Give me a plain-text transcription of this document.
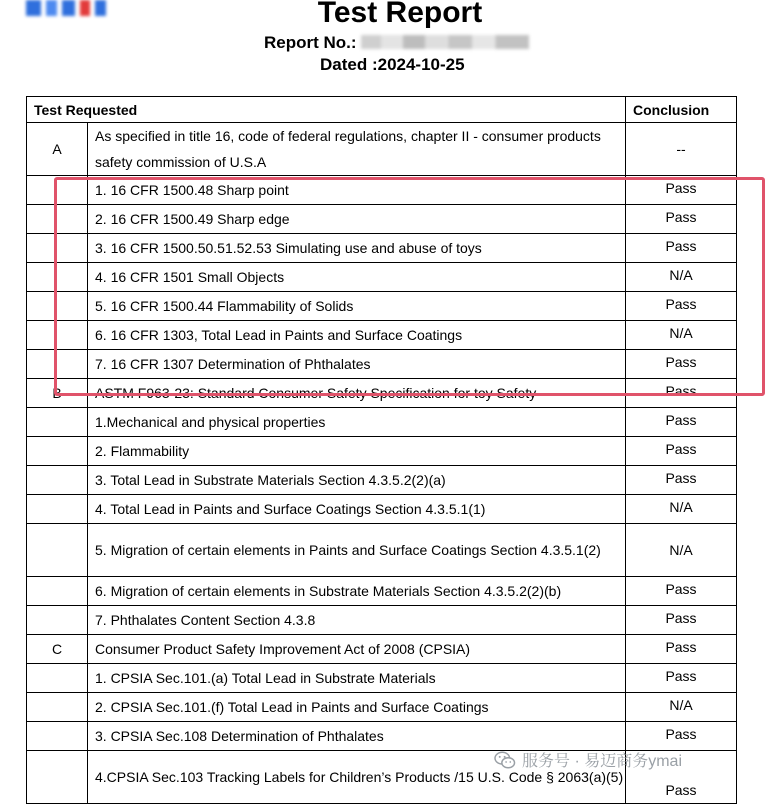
Test Report
Report No.:
Dated :2024-10-25
Test Requested		Conclusion
A	As specified in title 16, code of federal regulations, chapter II - consumer products safety commission of U.S.A	--
	1. 16 CFR 1500.48 Sharp point	Pass
	2. 16 CFR 1500.49 Sharp edge	Pass
	3. 16 CFR 1500.50.51.52.53 Simulating use and abuse of toys	Pass
	4. 16 CFR 1501 Small Objects	N/A
	5. 16 CFR 1500.44 Flammability of Solids	Pass
	6. 16 CFR 1303, Total Lead in Paints and Surface Coatings	N/A
	7. 16 CFR 1307 Determination of Phthalates	Pass
B	ASTM F963-23: Standard Consumer Safety Specification for toy Safety	Pass
	1.Mechanical and physical properties	Pass
	2. Flammability	Pass
	3. Total Lead in Substrate Materials Section 4.3.5.2(2)(a)	Pass
	4. Total Lead in Paints and Surface Coatings Section 4.3.5.1(1)	N/A
	5. Migration of certain elements in Paints and Surface Coatings Section 4.3.5.1(2)	N/A
	6. Migration of certain elements in Substrate Materials Section 4.3.5.2(2)(b)	Pass
	7. Phthalates Content Section 4.3.8	Pass
C	Consumer Product Safety Improvement Act of 2008 (CPSIA)	Pass
	1. CPSIA Sec.101.(a) Total Lead in Substrate Materials	Pass
	2. CPSIA Sec.101.(f) Total Lead in Paints and Surface Coatings	N/A
	3. CPSIA Sec.108 Determination of Phthalates	Pass
	4.CPSIA Sec.103 Tracking Labels for Children’s Products /15 U.S. Code § 2063(a)(5)	Pass
服务号 · 易迈商务ymai
